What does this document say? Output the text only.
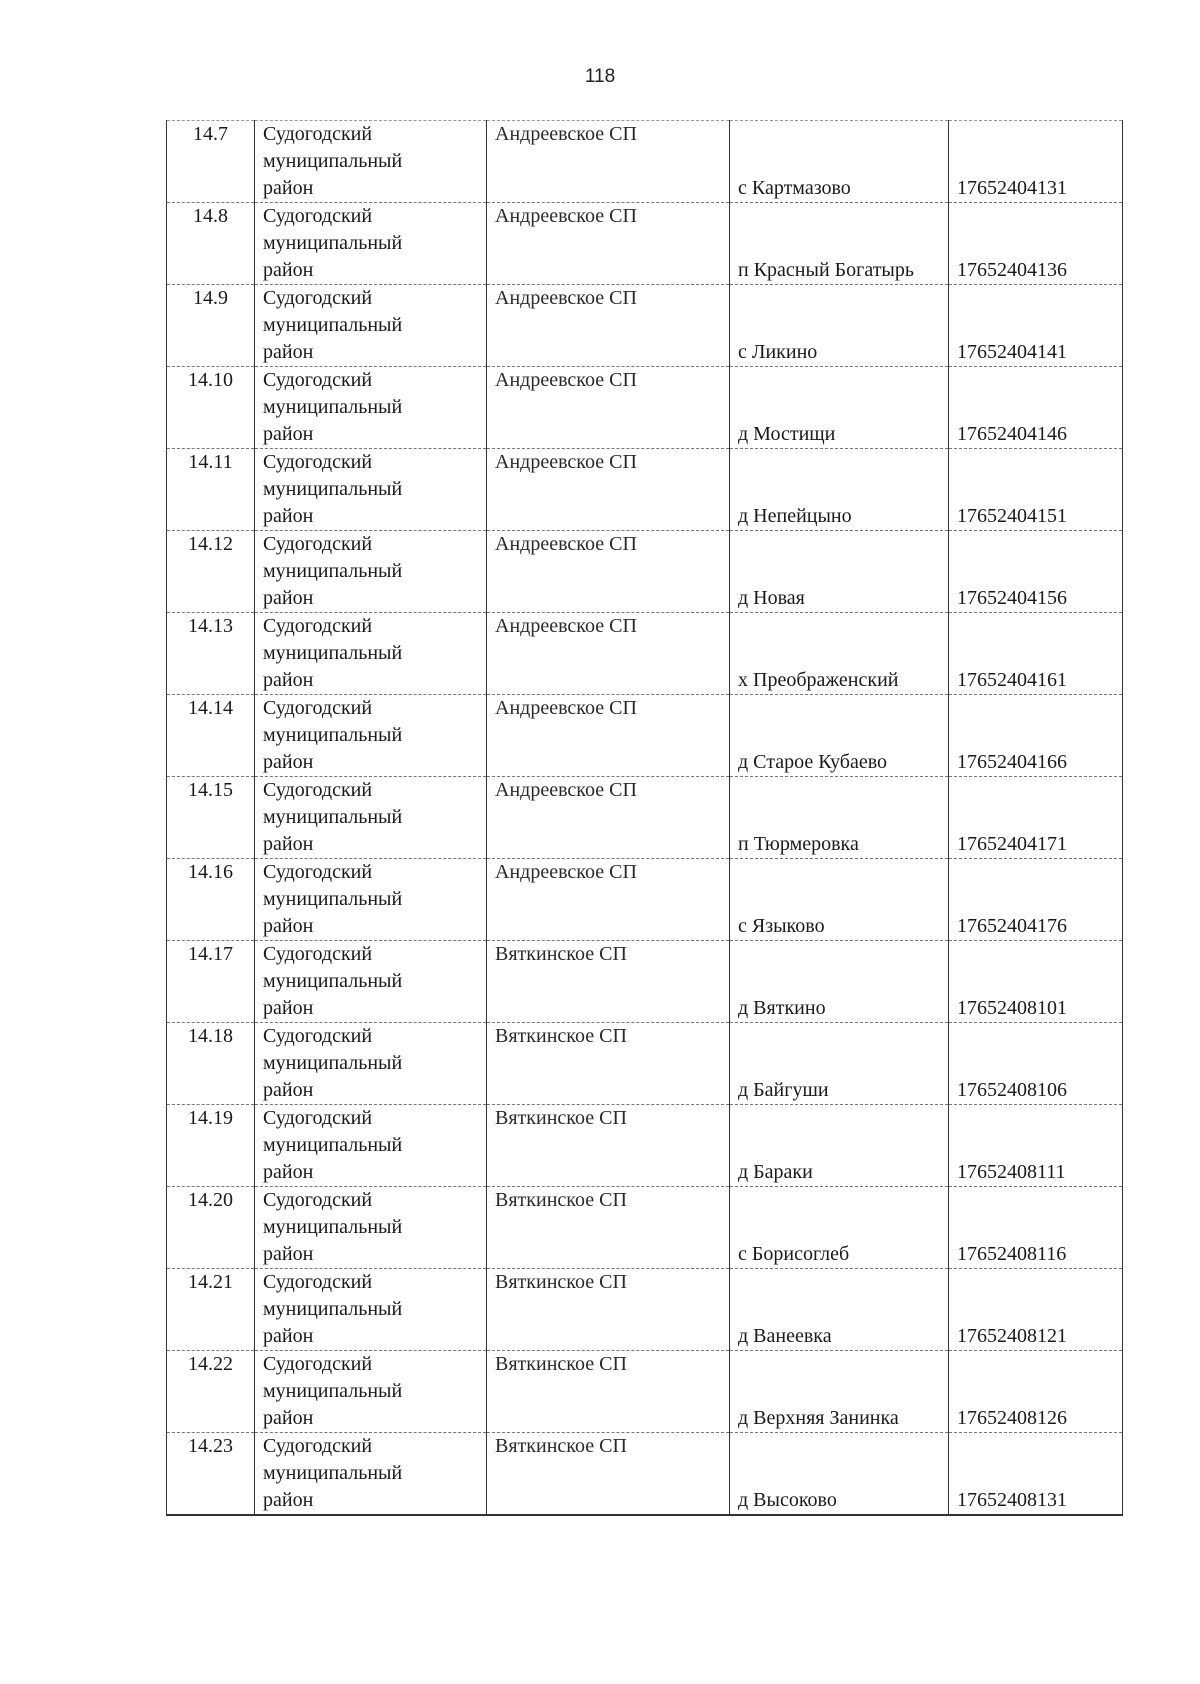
118
14.7	Судогодский муниципальный район	Андреевское СП	с Картмазово	17652404131
14.8	Судогодский муниципальный район	Андреевское СП	п Красный Богатырь	17652404136
14.9	Судогодский муниципальный район	Андреевское СП	с Ликино	17652404141
14.10	Судогодский муниципальный район	Андреевское СП	д Мостищи	17652404146
14.11	Судогодский муниципальный район	Андреевское СП	д Непейцыно	17652404151
14.12	Судогодский муниципальный район	Андреевское СП	д Новая	17652404156
14.13	Судогодский муниципальный район	Андреевское СП	х Преображенский	17652404161
14.14	Судогодский муниципальный район	Андреевское СП	д Старое Кубаево	17652404166
14.15	Судогодский муниципальный район	Андреевское СП	п Тюрмеровка	17652404171
14.16	Судогодский муниципальный район	Андреевское СП	с Языково	17652404176
14.17	Судогодский муниципальный район	Вяткинское СП	д Вяткино	17652408101
14.18	Судогодский муниципальный район	Вяткинское СП	д Байгуши	17652408106
14.19	Судогодский муниципальный район	Вяткинское СП	д Бараки	17652408111
14.20	Судогодский муниципальный район	Вяткинское СП	с Борисоглеб	17652408116
14.21	Судогодский муниципальный район	Вяткинское СП	д Ванеевка	17652408121
14.22	Судогодский муниципальный район	Вяткинское СП	д Верхняя Занинка	17652408126
14.23	Судогодский муниципальный район	Вяткинское СП	д Высоково	17652408131
